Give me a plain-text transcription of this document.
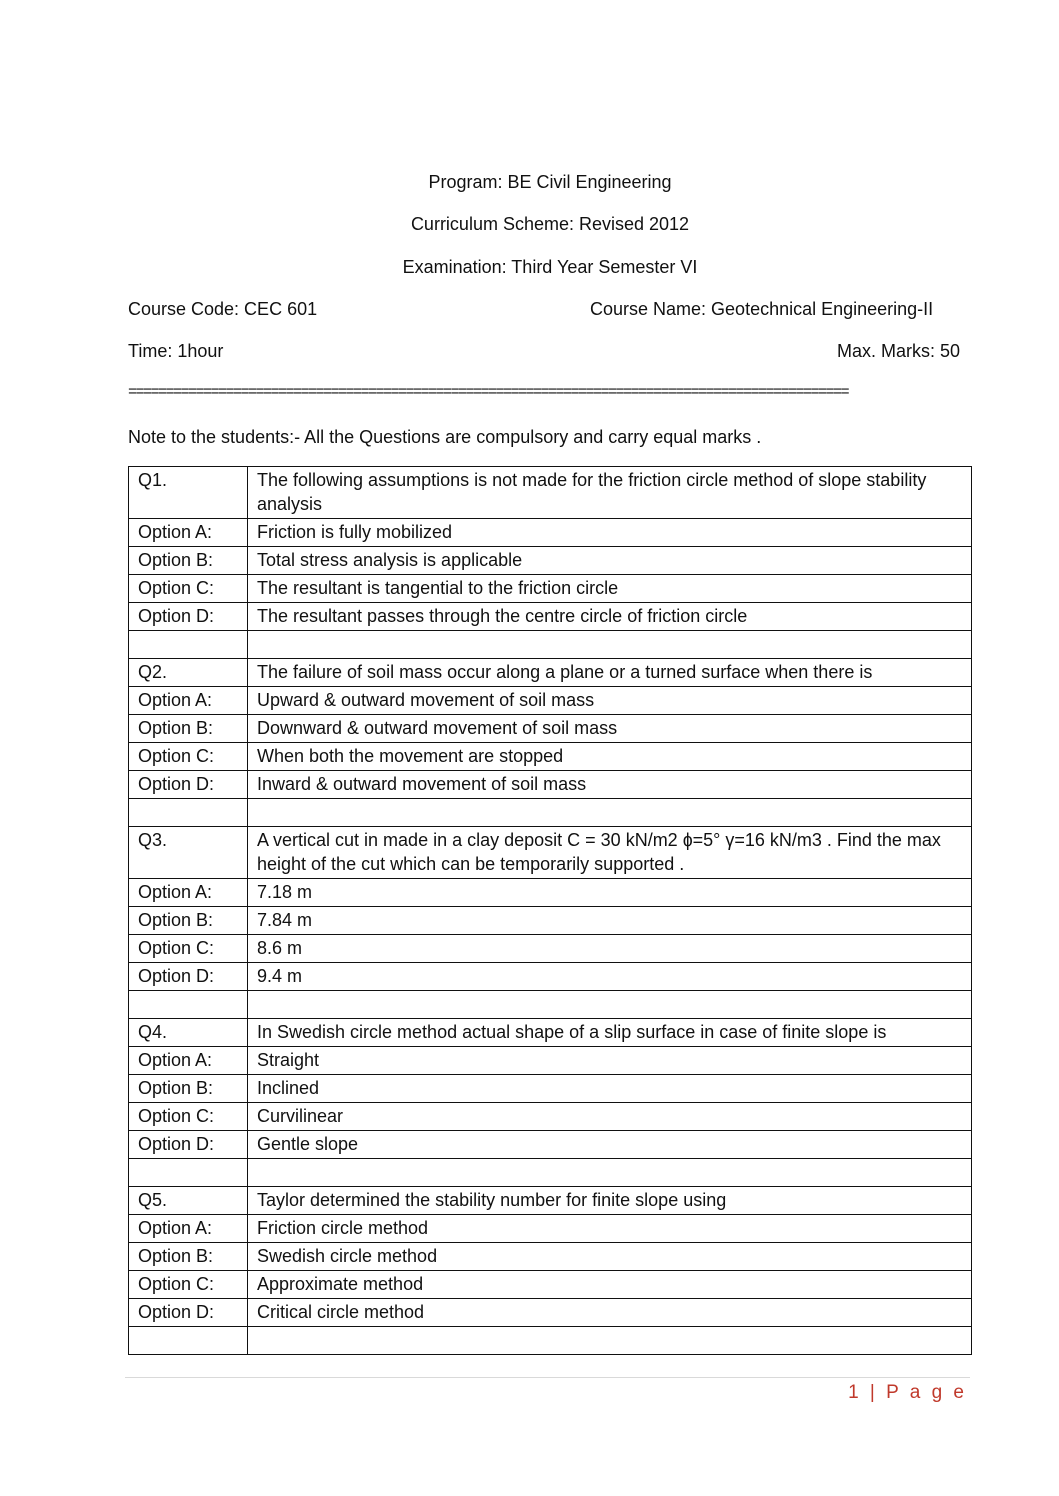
Program: BE Civil Engineering
Curriculum Scheme: Revised 2012
Examination: Third Year Semester VI
Course Code: CEC 601	Course Name: Geotechnical Engineering-II
Time: 1hour	Max. Marks: 50
================================================================================================
Note to the students:- All the Questions are compulsory and carry equal marks .
Q1.	The following assumptions is not made for the friction circle method of slope stability analysis
Option A:	Friction is fully mobilized
Option B:	Total stress analysis is applicable
Option C:	The resultant is tangential to the friction circle
Option D:	The resultant passes through the centre circle of friction circle

Q2.	The failure of soil mass occur along a plane or a turned surface when there is
Option A:	Upward & outward movement of soil mass
Option B:	Downward & outward movement of soil mass
Option C:	When both the movement are stopped
Option D:	Inward & outward movement of soil mass

Q3.	A vertical cut in made in a clay deposit C = 30 kN/m2 ɸ=5° γ=16 kN/m3 . Find the max height of the cut which can be temporarily supported .
Option A:	7.18 m
Option B:	7.84 m
Option C:	8.6 m
Option D:	9.4 m

Q4.	In Swedish circle method actual shape of a slip surface in case of finite slope is
Option A:	Straight
Option B:	Inclined
Option C:	Curvilinear
Option D:	Gentle slope

Q5.	Taylor determined the stability number for finite slope using
Option A:	Friction circle method
Option B:	Swedish circle method
Option C:	Approximate method
Option D:	Critical circle method

1 | P a g e
